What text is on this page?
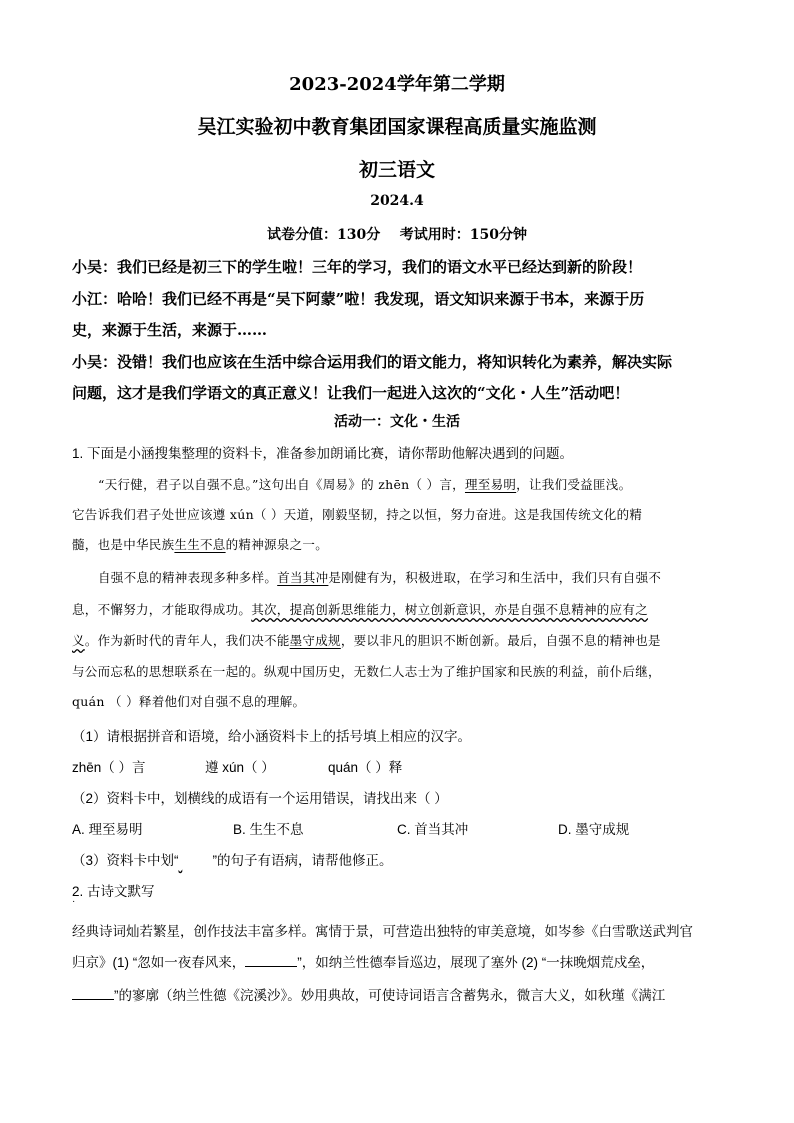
2023-2024学年第二学期
吴江实验初中教育集团国家课程高质量实施监测
初三语文
2024.4
试卷分值：130分    考试用时：150分钟
小吴：我们已经是初三下的学生啦！三年的学习，我们的语文水平已经达到新的阶段！
小江：哈哈！我们已经不再是“吴下阿蒙”啦！我发现，语文知识来源于书本，来源于历
史，来源于生活，来源于……
小吴：没错！我们也应该在生活中综合运用我们的语文能力，将知识转化为素养，解决实际
问题，这才是我们学语文的真正意义！让我们一起进入这次的“文化・人生”活动吧！
活动一：文化・生活
1. 下面是小涵搜集整理的资料卡，准备参加朗诵比赛，请你帮助他解决遇到的问题。
“天行健，君子以自强不息。”这句出自《周易》的 zhēn（ ）言，理至易明，让我们受益匪浅。
它告诉我们君子处世应该遵 xún（ ）天道，刚毅坚韧，持之以恒，努力奋进。这是我国传统文化的精
髓，也是中华民族生生不息的精神源泉之一。
自强不息的精神表现多种多样。首当其冲是刚健有为，积极进取，在学习和生活中，我们只有自强不
息，不懈努力，才能取得成功。其次，提高创新思维能力，树立创新意识，亦是自强不息精神的应有之
义。作为新时代的青年人，我们决不能墨守成规，要以非凡的胆识不断创新。最后，自强不息的精神也是
与公而忘私的思想联系在一起的。纵观中国历史，无数仁人志士为了维护国家和民族的利益，前仆后继，
quán （ ）释着他们对自强不息的理解。
（1）请根据拼音和语境，给小涵资料卡上的括号填上相应的汉字。
zhēn（ ）言	遵 xún（ ）	quán（ ）释
（2）资料卡中，划横线的成语有一个运用错误，请找出来（ ）
A. 理至易明	B. 生生不息	C. 首当其冲	D. 墨守成规
（3）资料卡中划“	”的句子有语病，请帮他修正。
2. 古诗文默写
·
经典诗词灿若繁星，创作技法丰富多样。寓情于景，可营造出独特的审美意境，如岑参《白雪歌送武判官
归京》(1) “忽如一夜春风来，	”，如纳兰性德奉旨巡边，展现了塞外 (2) “一抹晚烟荒戍垒，
”的寥廓（纳兰性德《浣溪沙》。妙用典故，可使诗词语言含蓄隽永，微言大义，如秋瑾《满江
